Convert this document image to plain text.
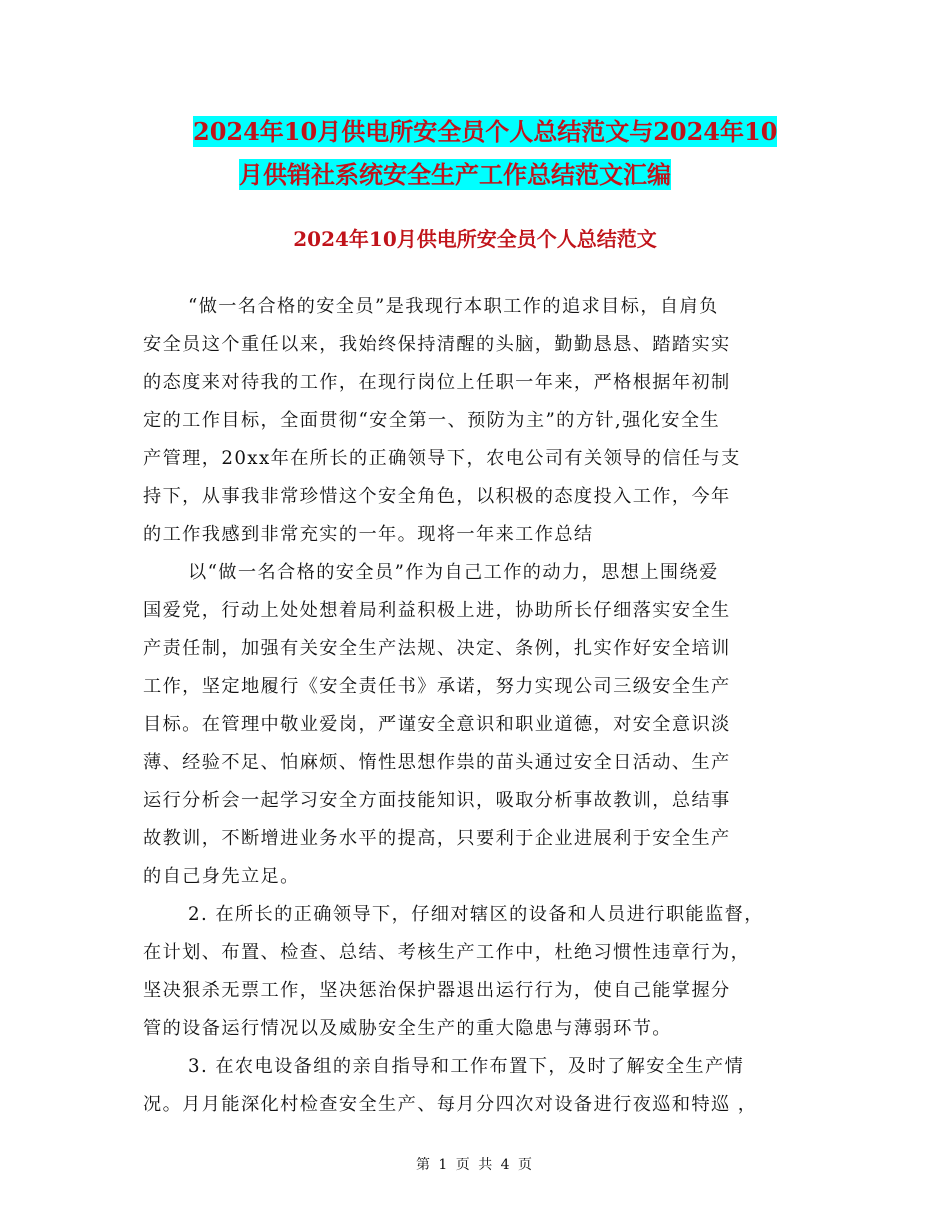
2024年10月供电所安全员个人总结范文与2024年10
月供销社系统安全生产工作总结范文汇编
2024年10月供电所安全员个人总结范文
“做一名合格的安全员”是我现行本职工作的追求目标，自肩负
安全员这个重任以来，我始终保持清醒的头脑，勤勤恳恳、踏踏实实
的态度来对待我的工作，在现行岗位上任职一年来，严格根据年初制
定的工作目标，全面贯彻“安全第一、预防为主”的方针,强化安全生
产管理，20xx年在所长的正确领导下，农电公司有关领导的信任与支
持下，从事我非常珍惜这个安全角色，以积极的态度投入工作，今年
的工作我感到非常充实的一年。现将一年来工作总结
以“做一名合格的安全员”作为自己工作的动力，思想上围绕爱
国爱党，行动上处处想着局利益积极上进，协助所长仔细落实安全生
产责任制，加强有关安全生产法规、决定、条例，扎实作好安全培训
工作，坚定地履行《安全责任书》承诺，努力实现公司三级安全生产
目标。在管理中敬业爱岗，严谨安全意识和职业道德，对安全意识淡
薄、经验不足、怕麻烦、惰性思想作祟的苗头通过安全日活动、生产
运行分析会一起学习安全方面技能知识，吸取分析事故教训，总结事
故教训，不断增进业务水平的提高，只要利于企业进展利于安全生产
的自己身先立足。
2. 在所长的正确领导下，仔细对辖区的设备和人员进行职能监督，
在计划、布置、检查、总结、考核生产工作中，杜绝习惯性违章行为，
坚决狠杀无票工作，坚决惩治保护器退出运行行为，使自己能掌握分
管的设备运行情况以及威胁安全生产的重大隐患与薄弱环节。
3. 在农电设备组的亲自指导和工作布置下，及时了解安全生产情
况。月月能深化村检查安全生产、每月分四次对设备进行夜巡和特巡 ，
第 1 页 共 4 页
